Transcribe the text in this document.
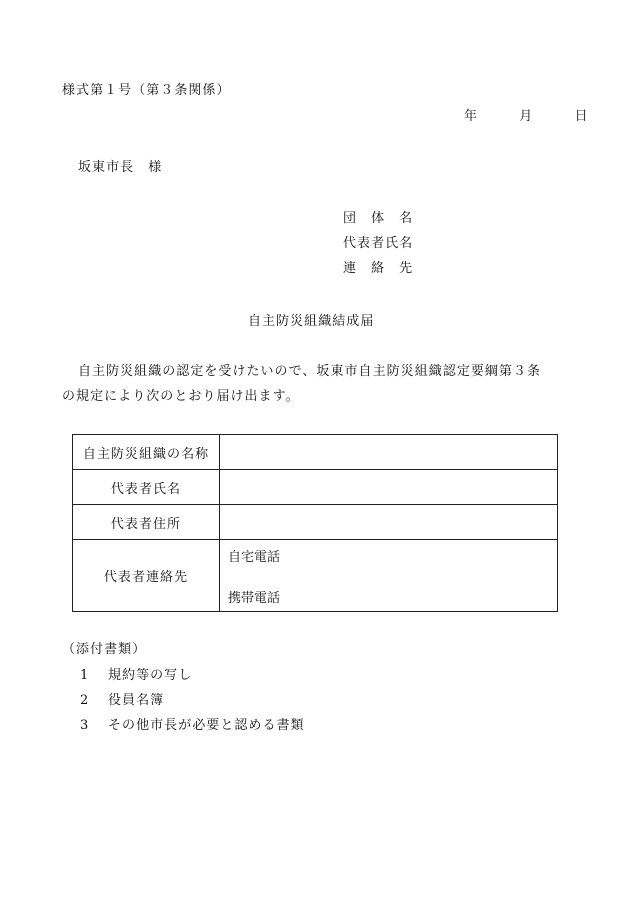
様式第１号（第３条関係）
年	月	日
坂東市長　様
団　体　名
代表者氏名
連　絡　先
自主防災組織結成届
自主防災組織の認定を受けたいので、坂東市自主防災組織認定要綱第３条
の規定により次のとおり届け出ます。
自主防災組織の名称	
代表者氏名	
代表者住所	
代表者連絡先	自宅電話
携帯電話
（添付書類）
1 規約等の写し
2 役員名簿
3 その他市長が必要と認める書類
